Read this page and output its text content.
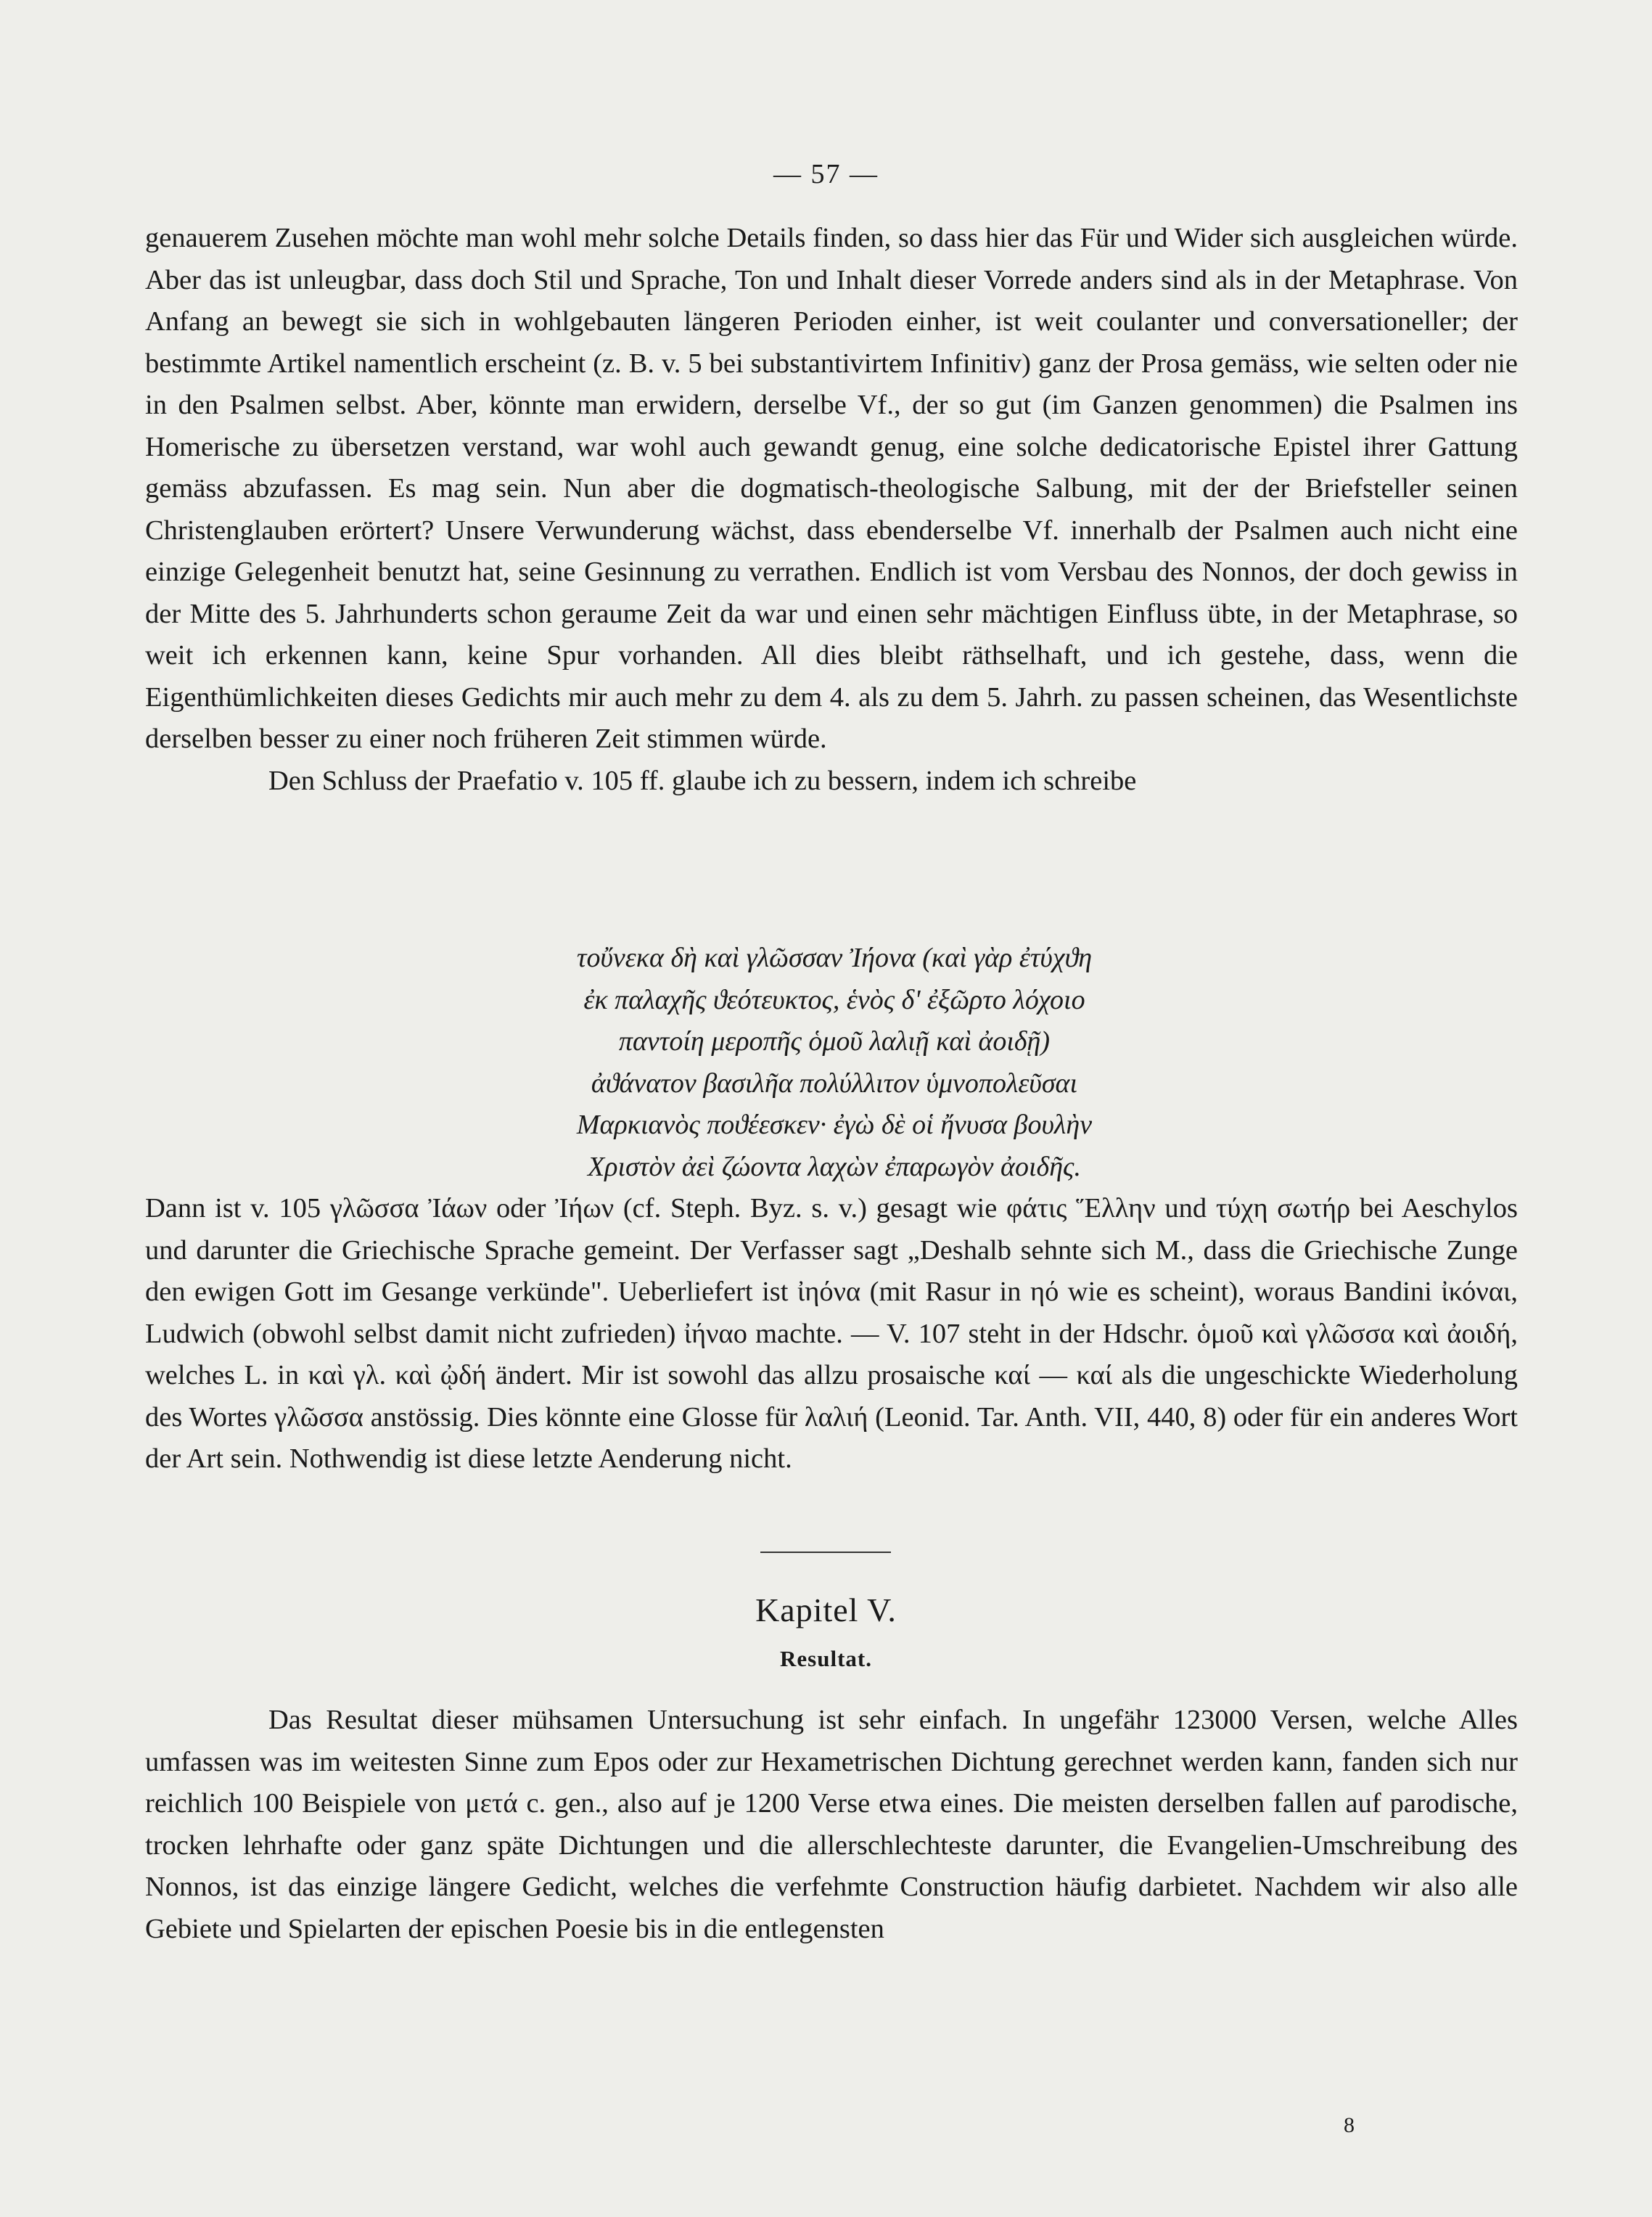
— 57 —

genauerem Zusehen möchte man wohl mehr solche Details finden, so dass hier das Für und Wider sich ausgleichen würde. Aber das ist unleugbar, dass doch Stil und Sprache, Ton und Inhalt dieser Vorrede anders sind als in der Metaphrase. Von Anfang an bewegt sie sich in wohlgebauten längeren Perioden einher, ist weit coulanter und conversationeller; der bestimmte Artikel namentlich erscheint (z. B. v. 5 bei substantivirtem Infinitiv) ganz der Prosa gemäss, wie selten oder nie in den Psalmen selbst. Aber, könnte man erwidern, derselbe Vf., der so gut (im Ganzen genommen) die Psalmen ins Homerische zu übersetzen verstand, war wohl auch gewandt genug, eine solche dedicatorische Epistel ihrer Gattung gemäss abzufassen. Es mag sein. Nun aber die dogmatisch-theologische Salbung, mit der der Briefsteller seinen Christenglauben erörtert? Unsere Verwunderung wächst, dass ebenderselbe Vf. innerhalb der Psalmen auch nicht eine einzige Gelegenheit benutzt hat, seine Gesinnung zu verrathen. Endlich ist vom Versbau des Nonnos, der doch gewiss in der Mitte des 5. Jahrhunderts schon geraume Zeit da war und einen sehr mächtigen Einfluss übte, in der Metaphrase, so weit ich erkennen kann, keine Spur vorhanden. All dies bleibt räthselhaft, und ich gestehe, dass, wenn die Eigenthümlichkeiten dieses Gedichts mir auch mehr zu dem 4. als zu dem 5. Jahrh. zu passen scheinen, das Wesentlichste derselben besser zu einer noch früheren Zeit stimmen würde.

Den Schluss der Praefatio v. 105 ff. glaube ich zu bessern, indem ich schreibe

τοὔνεκα δὴ καὶ γλῶσσαν Ἰήονα (καὶ γὰρ ἐτύχϑη
ἐκ παλαχῆς ϑεότευκτος, ἑνὸς δ' ἐξῶρτο λόχοιο
παντοίη μεροπῆς ὁμοῦ λαλιῇ καὶ ἀοιδῇ)
ἀϑάνατον βασιλῆα πολύλλιτον ὑμνοπολεῦσαι
Μαρκιανὸς ποϑέεσκεν· ἐγὼ δὲ οἱ ἤνυσα βουλὴν
Χριστὸν ἀεὶ ζώοντα λαχὼν ἐπαρωγὸν ἀοιδῆς.

Dann ist v. 105 γλῶσσα Ἰάων oder Ἰήων (cf. Steph. Byz. s. v.) gesagt wie φάτις Ἕλλην und τύχη σωτήρ bei Aeschylos und darunter die Griechische Sprache gemeint. Der Verfasser sagt „Deshalb sehnte sich M., dass die Griechische Zunge den ewigen Gott im Gesange verkünde". Ueberliefert ist ἰηόνα (mit Rasur in ηό wie es scheint), woraus Bandini ἰκόναι, Ludwich (obwohl selbst damit nicht zufrieden) ἰήναο machte. — V. 107 steht in der Hdschr. ὁμοῦ καὶ γλῶσσα καὶ ἀοιδή, welches L. in καὶ γλ. καὶ ᾠδή ändert. Mir ist sowohl das allzu prosaische καί — καί als die ungeschickte Wiederholung des Wortes γλῶσσα anstössig. Dies könnte eine Glosse für λαλιή (Leonid. Tar. Anth. VII, 440, 8) oder für ein anderes Wort der Art sein. Nothwendig ist diese letzte Aenderung nicht.

Kapitel V.
Resultat.

Das Resultat dieser mühsamen Untersuchung ist sehr einfach. In ungefähr 123000 Versen, welche Alles umfassen was im weitesten Sinne zum Epos oder zur Hexametrischen Dichtung gerechnet werden kann, fanden sich nur reichlich 100 Beispiele von μετά c. gen., also auf je 1200 Verse etwa eines. Die meisten derselben fallen auf parodische, trocken lehrhafte oder ganz späte Dichtungen und die allerschlechteste darunter, die Evangelien-Umschreibung des Nonnos, ist das einzige längere Gedicht, welches die verfehmte Construction häufig darbietet. Nachdem wir also alle Gebiete und Spielarten der epischen Poesie bis in die entlegensten

8
